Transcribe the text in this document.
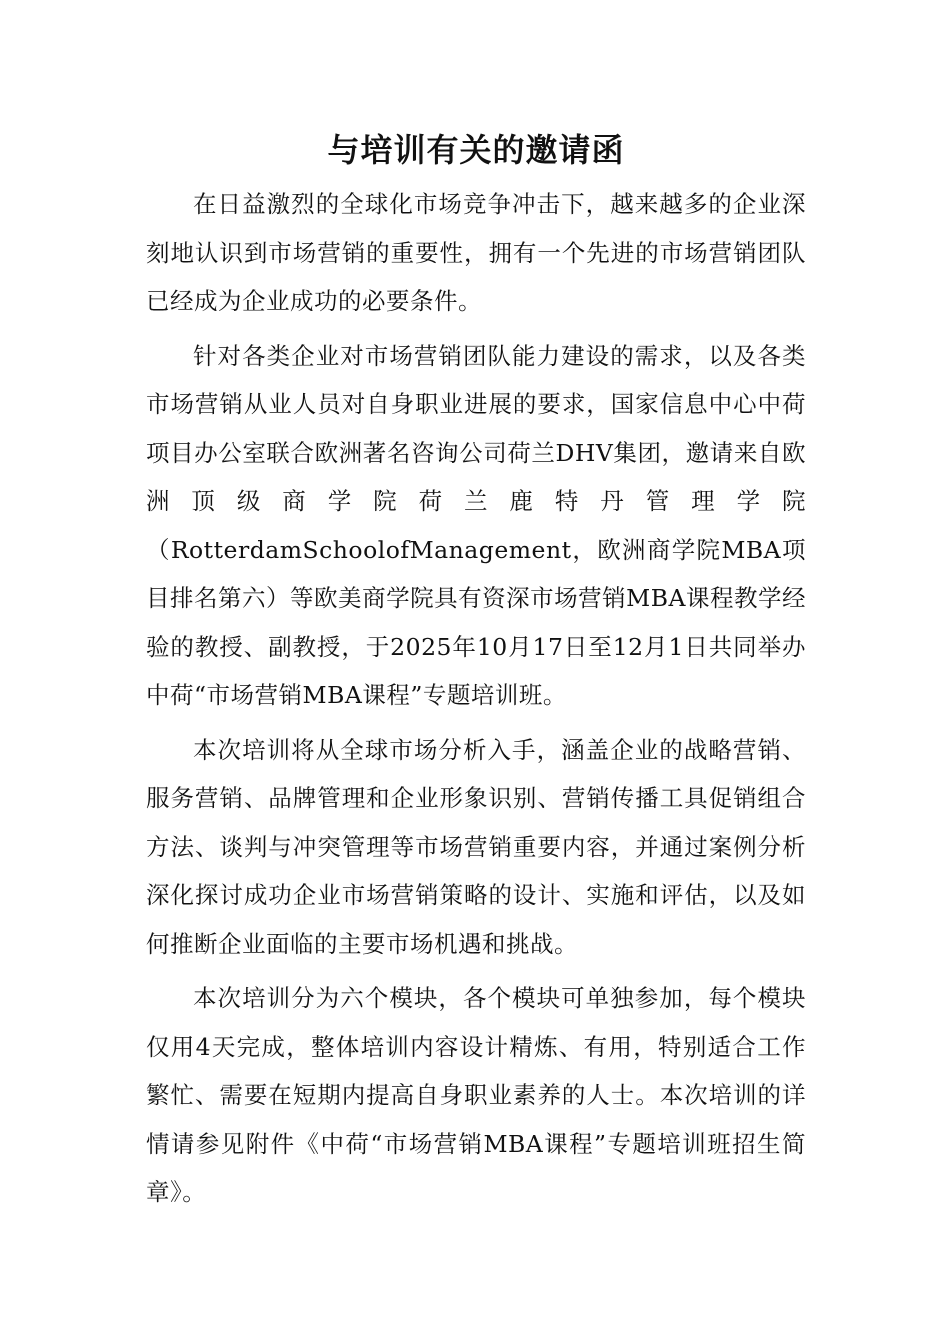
与培训有关的邀请函

在日益激烈的全球化市场竞争冲击下，越来越多的企业深刻地认识到市场营销的重要性，拥有一个先进的市场营销团队已经成为企业成功的必要条件。

针对各类企业对市场营销团队能力建设的需求，以及各类市场营销从业人员对自身职业进展的要求，国家信息中心中荷项目办公室联合欧洲著名咨询公司荷兰DHV集团，邀请来自欧洲顶级商学院荷兰鹿特丹管理学院（RotterdamSchoolofManagement，欧洲商学院MBA项目排名第六）等欧美商学院具有资深市场营销MBA课程教学经验的教授、副教授，于2025年10月17日至12月1日共同举办中荷“市场营销MBA课程”专题培训班。

本次培训将从全球市场分析入手，涵盖企业的战略营销、服务营销、品牌管理和企业形象识别、营销传播工具促销组合方法、谈判与冲突管理等市场营销重要内容，并通过案例分析深化探讨成功企业市场营销策略的设计、实施和评估，以及如何推断企业面临的主要市场机遇和挑战。

本次培训分为六个模块，各个模块可单独参加，每个模块仅用4天完成，整体培训内容设计精炼、有用，特别适合工作繁忙、需要在短期内提高自身职业素养的人士。本次培训的详情请参见附件《中荷“市场营销MBA课程”专题培训班招生简章》。
